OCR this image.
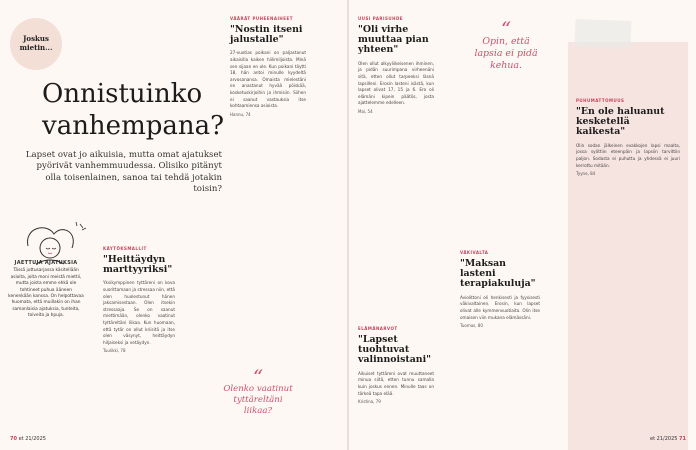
Joskus
mietin...
Onnistuinko
vanhempana?
Lapset ovat jo aikuisia, mutta omat ajatukset pyörivät vanhemmuudessa. Olisiko pitänyt olla toisenlainen, sanoa tai tehdä jotakin toisin?
JAETTUJA AJATUKSIA
Tässä juttusarjassa käsitellään asioita, joita moni meistä miettii, mutta joista emme ehkä ole tohtineet puhua ääneen kenenkään kanssa. On helpottavaa huomata, että muillakin on ihan samanlaisia ajatuksia, tunteita, toiveita ja hpuja.
KÄYTÖKSMALLIT
"Heittäydyn marttyyriksi"

Yksikymppinen tyttäreni on kova suorittamaan ja stressaa niin, että olen huolestunut hänen jaksamisestaan. Olen itsekin stressaaja. Se on saanut miettimään, olenko vaatinut tyttäreltäni liikaa. Kun huomaan, että tytär on ollut kriisitä ja itse olen väsynyt, heittäydyn hiljaiseksi ja vetäydyn.

Tuulikki, 78
VÄÄRÄT PUHEENAIHEET
"Nostin itseni jalustalle"

27-vuotias poikani on paljastanut aikaisilla kaiken hiilimiljoista. Minä sen sijaan en ole. Kun poikani täytti 18, hän antoi minulle kyydeltä arvosanansa. Omaista mielestäni en anastanut hyvää pöiskää, kosketuskirjoihin ja ihmisiin. Siihen ei saanut vastauksia itse kohtaamiensa asioista.

Hannu, 74
“
Olenko vaatinut
tyttäreltäni
liikaa?
UUSI PARISUHDE
"Oli virhe muuttaa pian yhteen"

Olen ollut alkyyliikeisenen ihminen, ja pidän suurimpana virheenäni sitä, etten ollut tarpeeksi läsnä lapsilleni. Erosin lasteni isästä, kun lapset olivat 17, 15 ja 6. Ero oli elämäni kipein päätös, josta ajattelemme edelleen.

Mai, 54
ELÄMÄNARVOT
"Lapset tuohtuvat valinnoistani"

Aikuiset tyttäreni ovat muuttaneet minua siitä, etten tunnu samalla kuin joskus ennen. Minulle taas on tärkeä tapa elää.

Kristina, 79
“
Opin, että
lapsia ei pidä
kehua.
VÄKIVALTA
"Maksan lasteni terapiakuluja"

Aviolittoni oli henkisesti ja fyysisesti väkivaltainen. Erosin, kun lapset olivat alle kymmenvuotiaita. Olin itse omaisen viin mukana elämässäni.

Tuomas, 80
PUHUMATTOMUUS
"En ole haluanut kesketellä kaikesta"

Olin sodan jälkeinen evakkojen lapsi maalta, jossa syöttiin eteenpäin ja lapsiin tarvittiin paljon. Sodasta ei puhuttu ja yhdessä ei juuri kerrottu mitään.

Tyyne, 84
70 et 21/2025	et 21/2025 71
